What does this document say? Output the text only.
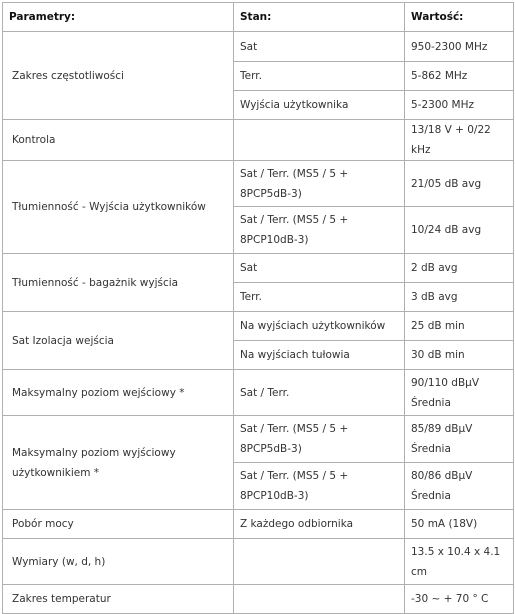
Parametry:	Stan:	Wartość:
Zakres częstotliwości	Sat	950-2300 MHz
	Terr.	5-862 MHz
	Wyjścia użytkownika	5-2300 MHz
Kontrola		13/18 V + 0/22 kHz
Tłumienność - Wyjścia użytkowników	Sat / Terr. (MS5 / 5 + 8PCP5dB-3)	21/05 dB avg
	Sat / Terr. (MS5 / 5 + 8PCP10dB-3)	10/24 dB avg
Tłumienność - bagażnik wyjścia	Sat	2 dB avg
	Terr.	3 dB avg
Sat Izolacja wejścia	Na wyjściach użytkowników	25 dB min
	Na wyjściach tułowia	30 dB min
Maksymalny poziom wejściowy *	Sat / Terr.	90/110 dBµV Średnia
Maksymalny poziom wyjściowy użytkownikiem *	Sat / Terr. (MS5 / 5 + 8PCP5dB-3)	85/89 dBµV Średnia
	Sat / Terr. (MS5 / 5 + 8PCP10dB-3)	80/86 dBµV Średnia
Pobór mocy	Z każdego odbiornika	50 mA (18V)
Wymiary (w, d, h)		13.5 x 10.4 x 4.1 cm
Zakres temperatur		-30 ~ + 70 ° C
